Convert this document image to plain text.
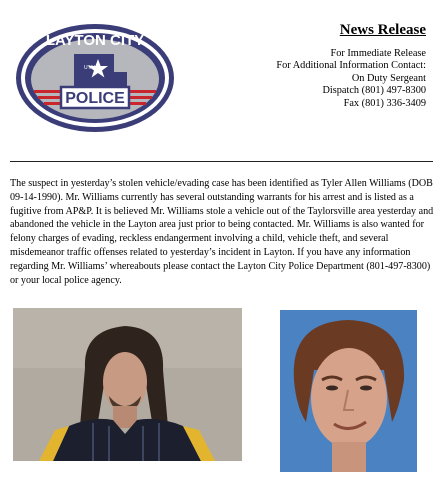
LAYTON CITY
UTAH
POLICE
News Release
For Immediate Release
For Additional Information Contact:
On Duty Sergeant
Dispatch (801) 497-8300
Fax (801) 336-3409

The suspect in yesterday’s stolen vehicle/evading case has been identified as Tyler Allen Williams (DOB 09-14-1990). Mr. Williams currently has several outstanding warrants for his arrest and is listed as a fugitive from AP&P. It is believed Mr. Williams stole a vehicle out of the Taylorsville area yesterday and abandoned the vehicle in the Layton area just prior to being contacted. Mr. Williams is also wanted for felony charges of evading, reckless endangerment involving a child, vehicle theft, and several misdemeanor traffic offenses related to yesterday’s incident in Layton. If you have any information regarding Mr. Williams’ whereabouts please contact the Layton City Police Department (801-497-8300) or your local police agency.
